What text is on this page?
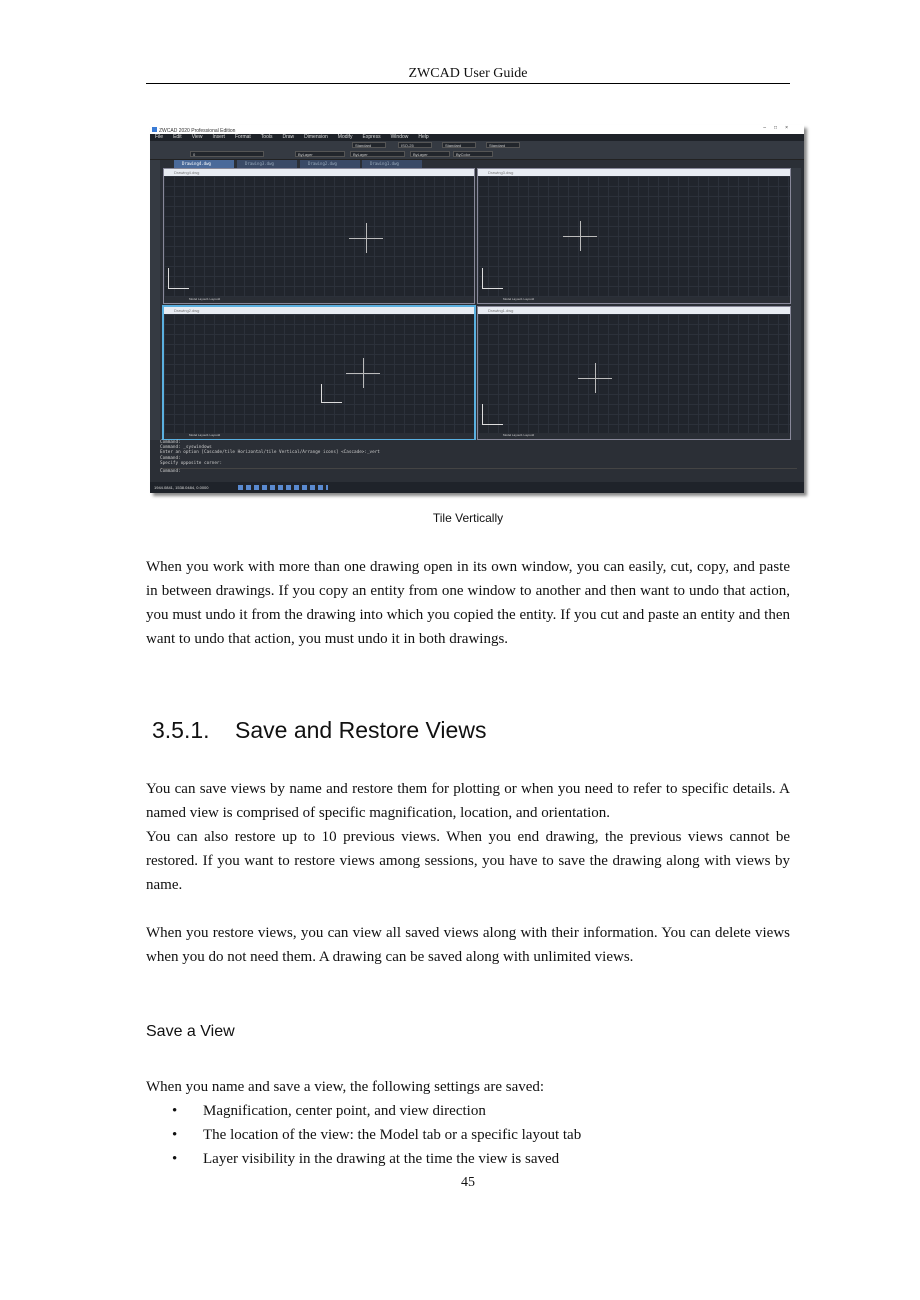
ZWCAD User Guide
ZWCAD 2020 Professional Edition	–□×
File Edit View Insert Format Tools Draw Dimension Modify Express Window Help
Standard	ISO-25	Standard	Standard
0	ByLayer	ByLayer	ByLayer	ByColor
Drawing4.dwg	Drawing3.dwg	Drawing2.dwg	Drawing1.dwg
Drawing4.dwg
Model Layout1 Layout2
Drawing3.dwg
Model Layout1 Layout2
Drawing2.dwg
Model Layout1 Layout2
Drawing1.dwg
Model Layout1 Layout2
Command:
Command: _syswindows
Enter an option [Cascade/tile Horizontal/tile Vertical/Arrange icons] <Cascade>:_vert
Command:
Specify opposite corner:
Command:
1944.0841, 1538.0484, 0.0000
Tile Vertically
When you work with more than one drawing open in its own window, you can easily, cut, copy, and paste in between drawings. If you copy an entity from one window to another and then want to undo that action, you must undo it from the drawing into which you copied the entity. If you cut and paste an entity and then want to undo that action, you must undo it in both drawings.
3.5.1. Save and Restore Views
You can save views by name and restore them for plotting or when you need to refer to specific details. A named view is comprised of specific magnification, location, and orientation.
You can also restore up to 10 previous views. When you end drawing, the previous views cannot be restored. If you want to restore views among sessions, you have to save the drawing along with views by name.
When you restore views, you can view all saved views along with their information. You can delete views when you do not need them. A drawing can be saved along with unlimited views.
Save a View
When you name and save a view, the following settings are saved:
• Magnification, center point, and view direction
• The location of the view: the Model tab or a specific layout tab
• Layer visibility in the drawing at the time the view is saved
45
